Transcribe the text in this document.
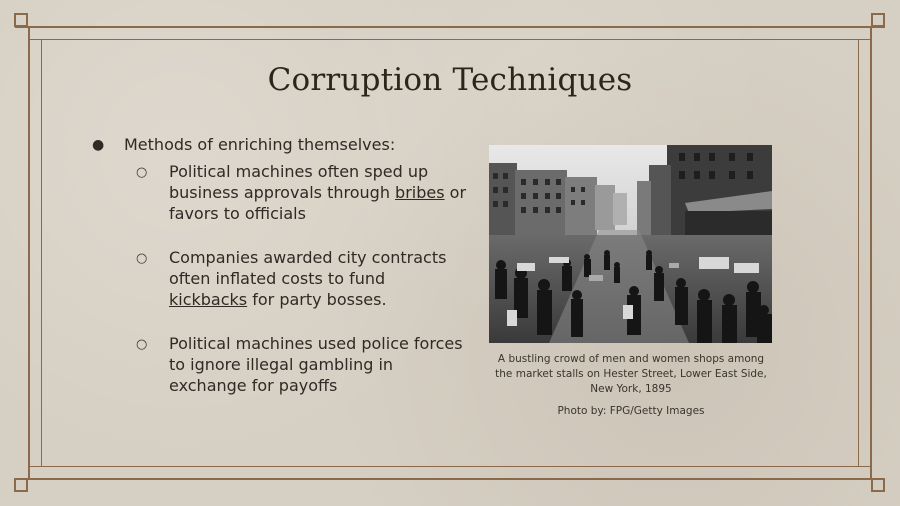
Corruption Techniques
●	Methods of enriching themselves:
○	Political machines often sped up business approvals through bribes or favors to officials
○	Companies awarded city contracts often inflated costs to fund kickbacks for party bosses.
○	Political machines used police forces to ignore illegal gambling in exchange for payoffs
A bustling crowd of men and women shops among the market stalls on Hester Street, Lower East Side, New York, 1895
Photo by: FPG/Getty Images
